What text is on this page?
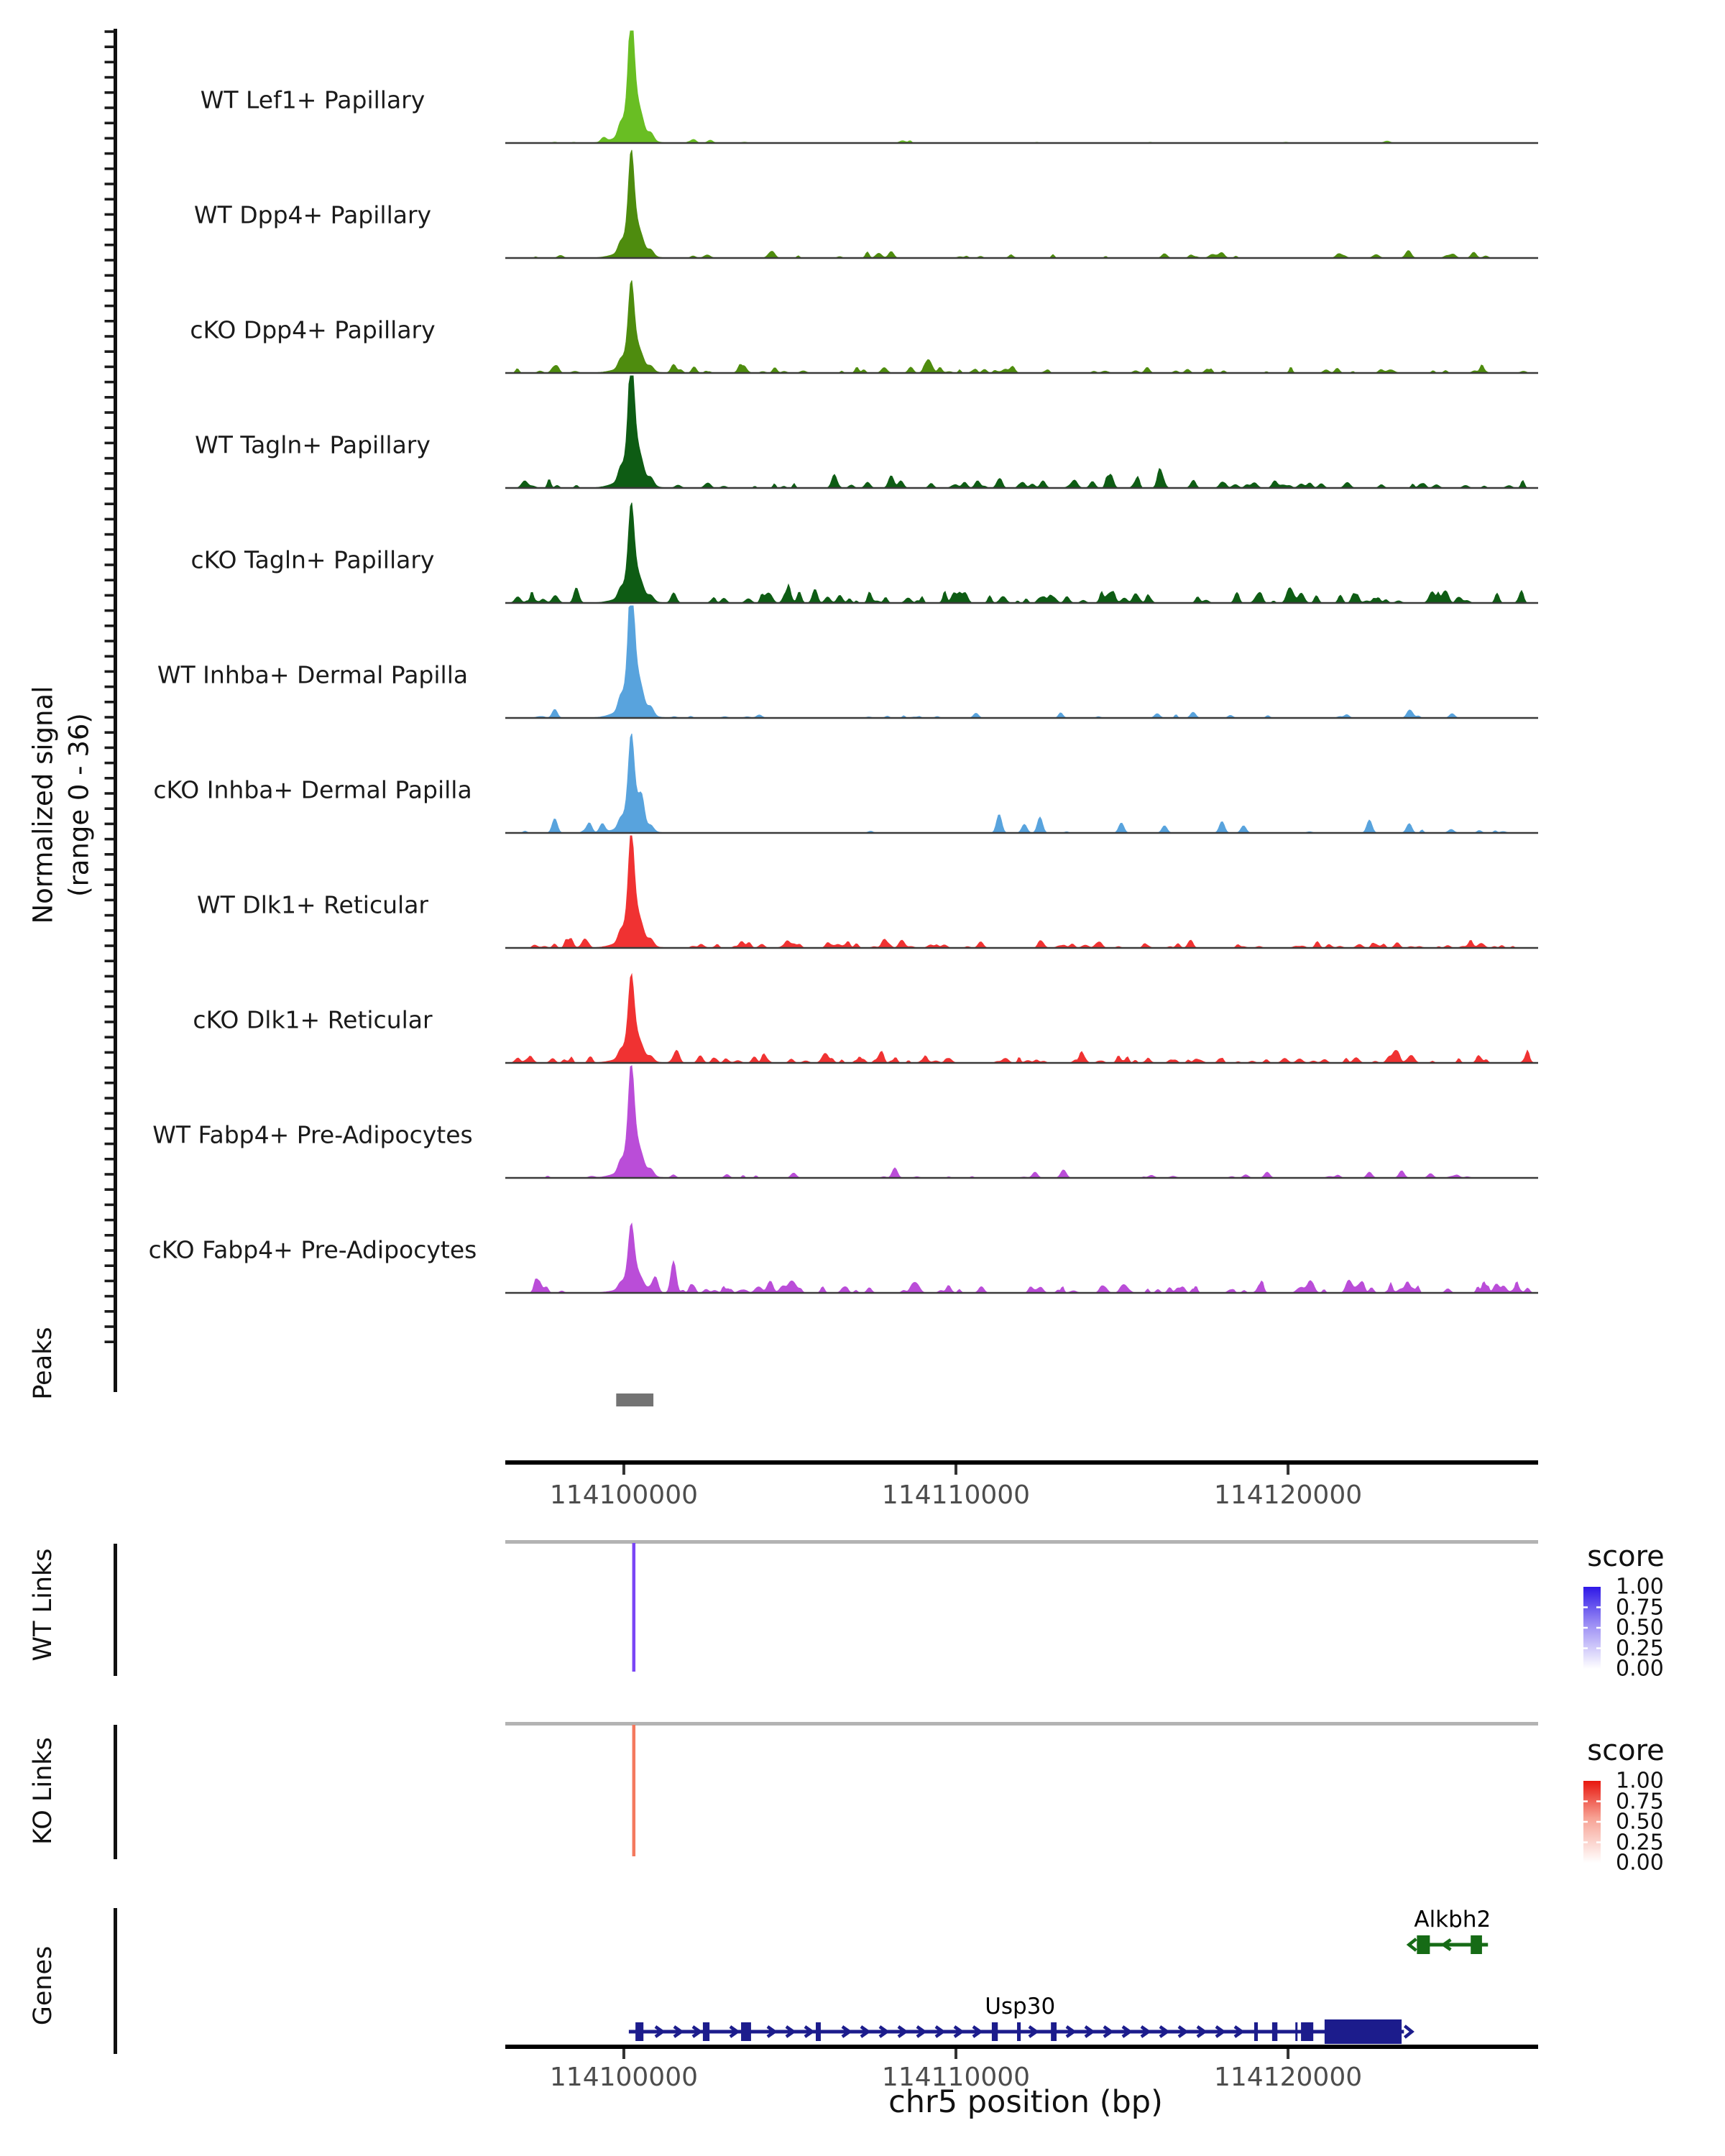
Normalized signal (range 0 - 36)
chr5 position (bp)
score
score
Peaks
WT Links
KO Links
Genes
WT Lef1+ Papillary
WT Dpp4+ Papillary
cKO Dpp4+ Papillary
WT Tagln+ Papillary
cKO Tagln+ Papillary
WT Inhba+ Dermal Papilla
cKO Inhba+ Dermal Papilla
WT Dlk1+ Reticular
cKO Dlk1+ Reticular
WT Fabp4+ Pre-Adipocytes
cKO Fabp4+ Pre-Adipocytes
114100000	114110000	114120000
114100000	114110000	114120000
1.00
0.75
0.50
0.25
0.00
1.00
0.75
0.50
0.25
0.00
Usp30
Alkbh2
